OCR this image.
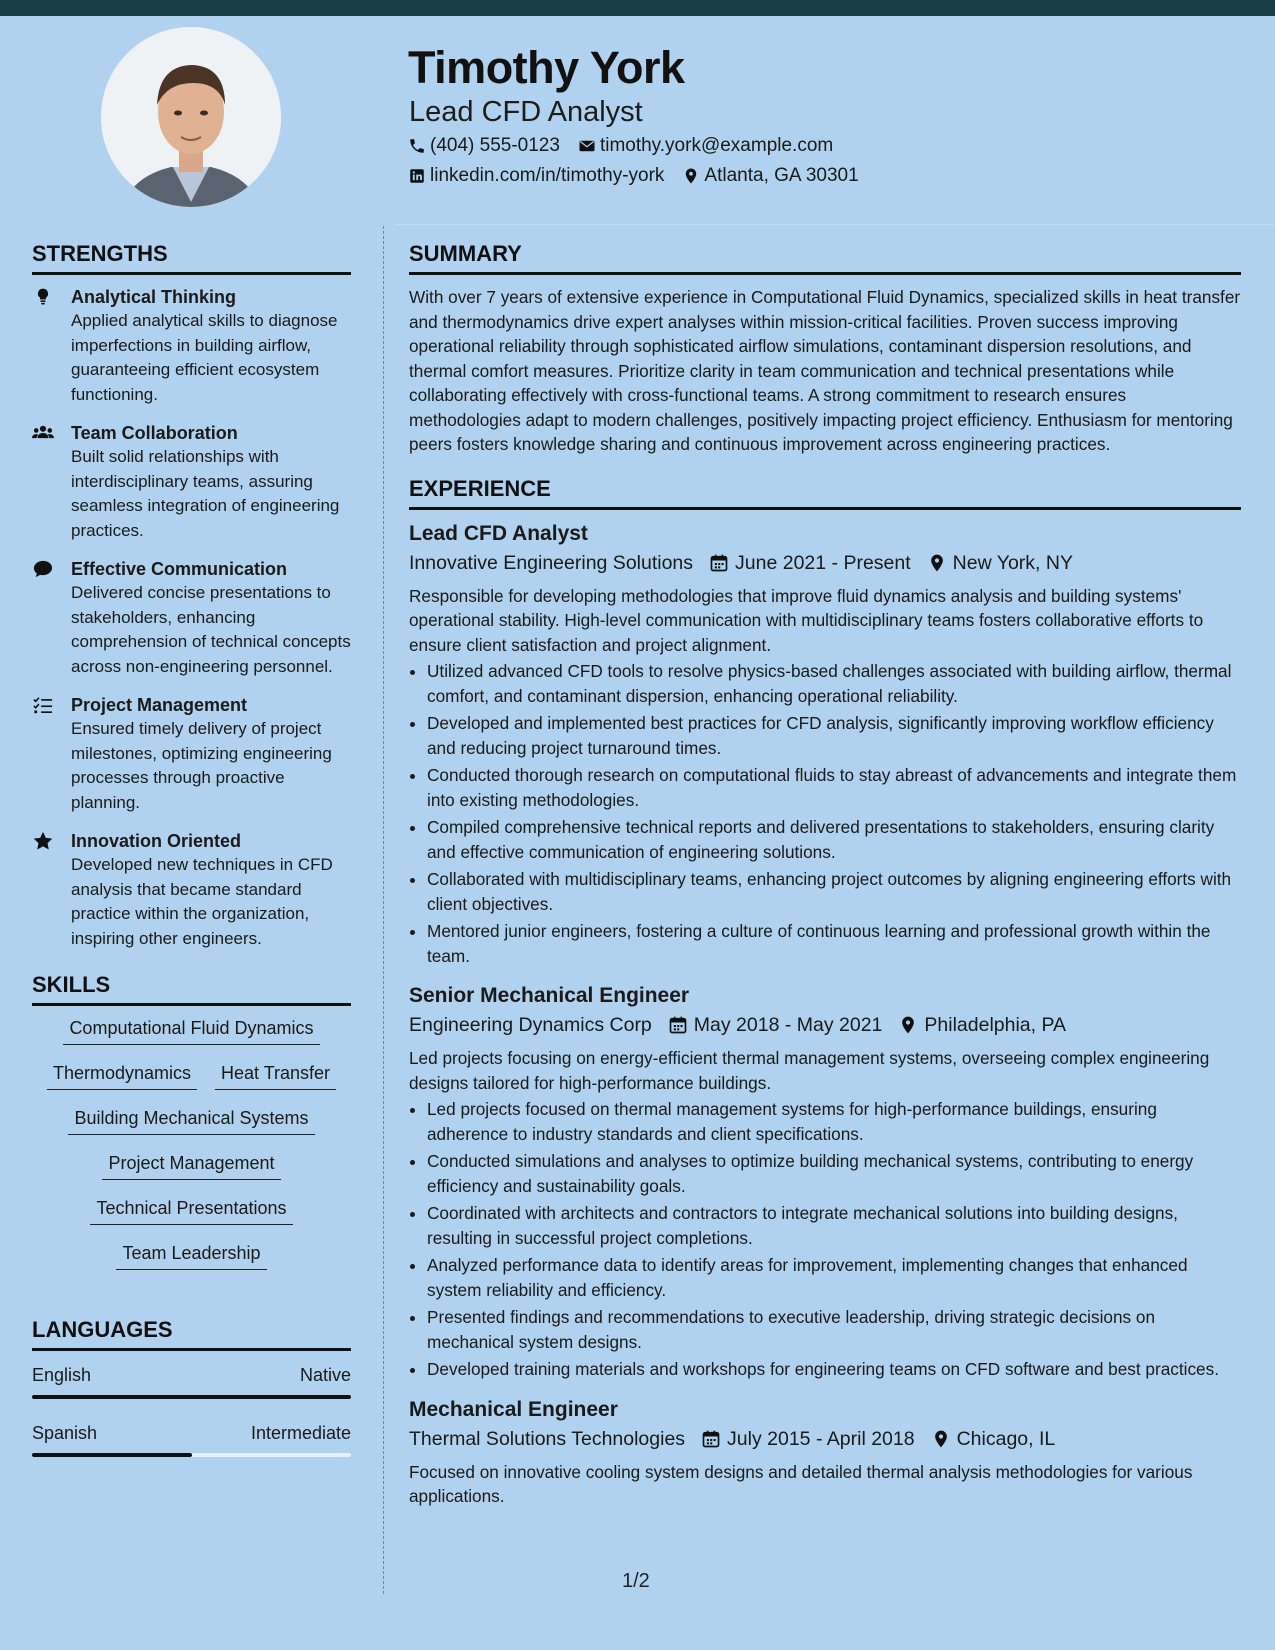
Timothy York
Lead CFD Analyst
(404) 555-0123 timothy.york@example.com
linkedin.com/in/timothy-york Atlanta, GA 30301
STRENGTHS
Analytical Thinking
Applied analytical skills to diagnose imperfections in building airflow, guaranteeing efficient ecosystem functioning.
Team Collaboration
Built solid relationships with interdisciplinary teams, assuring seamless integration of engineering practices.
Effective Communication
Delivered concise presentations to stakeholders, enhancing comprehension of technical concepts across non-engineering personnel.
Project Management
Ensured timely delivery of project milestones, optimizing engineering processes through proactive planning.
Innovation Oriented
Developed new techniques in CFD analysis that became standard practice within the organization, inspiring other engineers.
SKILLS
Computational Fluid Dynamics
Thermodynamics	Heat Transfer
Building Mechanical Systems
Project Management
Technical Presentations
Team Leadership
LANGUAGES
English	Native
Spanish	Intermediate
SUMMARY

With over 7 years of extensive experience in Computational Fluid Dynamics, specialized skills in heat transfer and thermodynamics drive expert analyses within mission-critical facilities. Proven success improving operational reliability through sophisticated airflow simulations, contaminant dispersion resolutions, and thermal comfort measures. Prioritize clarity in team communication and technical presentations while collaborating effectively with cross-functional teams. A strong commitment to research ensures methodologies adapt to modern challenges, positively impacting project efficiency. Enthusiasm for mentoring peers fosters knowledge sharing and continuous improvement across engineering practices.

EXPERIENCE
Lead CFD Analyst
Innovative Engineering Solutions June 2021 - Present New York, NY
Responsible for developing methodologies that improve fluid dynamics analysis and building systems' operational stability. High-level communication with multidisciplinary teams fosters collaborative efforts to ensure client satisfaction and project alignment.
• Utilized advanced CFD tools to resolve physics-based challenges associated with building airflow, thermal comfort, and contaminant dispersion, enhancing operational reliability.
• Developed and implemented best practices for CFD analysis, significantly improving workflow efficiency and reducing project turnaround times.
• Conducted thorough research on computational fluids to stay abreast of advancements and integrate them into existing methodologies.
• Compiled comprehensive technical reports and delivered presentations to stakeholders, ensuring clarity and effective communication of engineering solutions.
• Collaborated with multidisciplinary teams, enhancing project outcomes by aligning engineering efforts with client objectives.
• Mentored junior engineers, fostering a culture of continuous learning and professional growth within the team.
Senior Mechanical Engineer
Engineering Dynamics Corp May 2018 - May 2021 Philadelphia, PA
Led projects focusing on energy-efficient thermal management systems, overseeing complex engineering designs tailored for high-performance buildings.
• Led projects focused on thermal management systems for high-performance buildings, ensuring adherence to industry standards and client specifications.
• Conducted simulations and analyses to optimize building mechanical systems, contributing to energy efficiency and sustainability goals.
• Coordinated with architects and contractors to integrate mechanical solutions into building designs, resulting in successful project completions.
• Analyzed performance data to identify areas for improvement, implementing changes that enhanced system reliability and efficiency.
• Presented findings and recommendations to executive leadership, driving strategic decisions on mechanical system designs.
• Developed training materials and workshops for engineering teams on CFD software and best practices.
Mechanical Engineer
Thermal Solutions Technologies July 2015 - April 2018 Chicago, IL
Focused on innovative cooling system designs and detailed thermal analysis methodologies for various applications.
1/2
